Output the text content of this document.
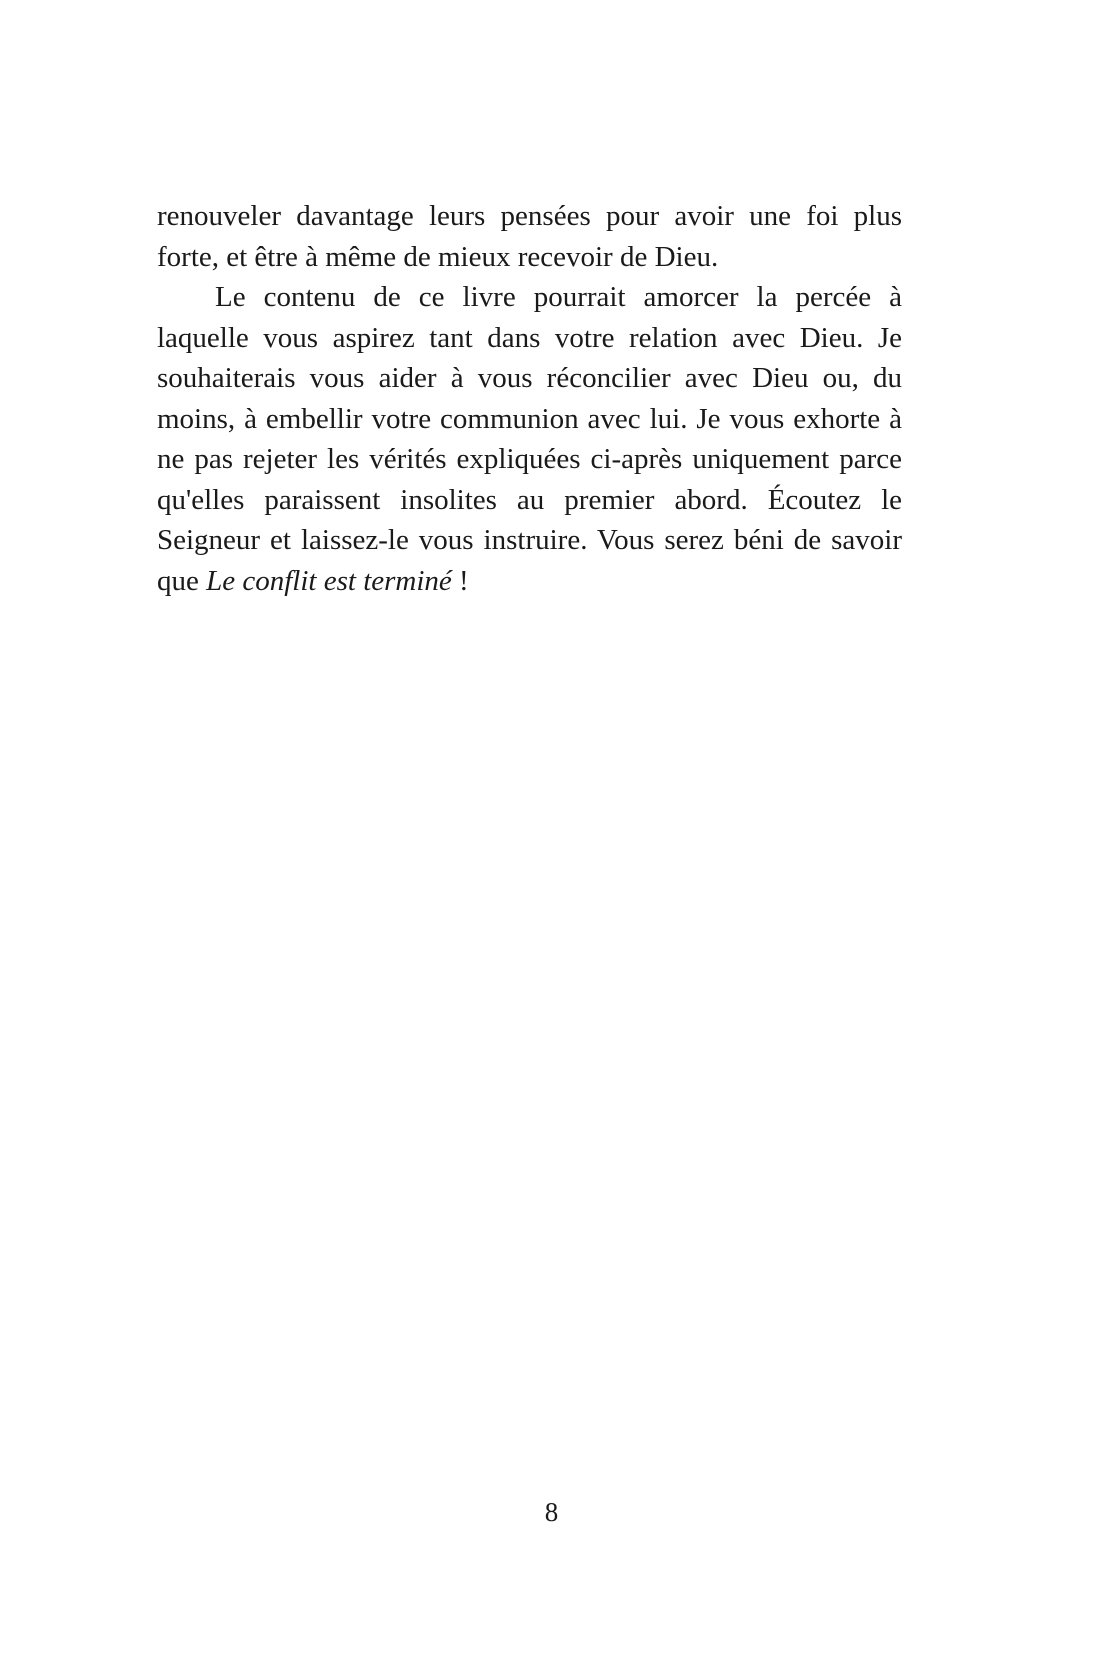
renouveler davantage leurs pensées pour avoir une foi plus forte, et être à même de mieux recevoir de Dieu.

Le contenu de ce livre pourrait amorcer la percée à laquelle vous aspirez tant dans votre relation avec Dieu. Je souhaiterais vous aider à vous réconcilier avec Dieu ou, du moins, à embellir votre communion avec lui. Je vous exhorte à ne pas rejeter les vérités expliquées ci-après uniquement parce qu'elles paraissent insolites au premier abord. Écoutez le Seigneur et laissez-le vous instruire. Vous serez béni de savoir que Le conflit est terminé !

8
